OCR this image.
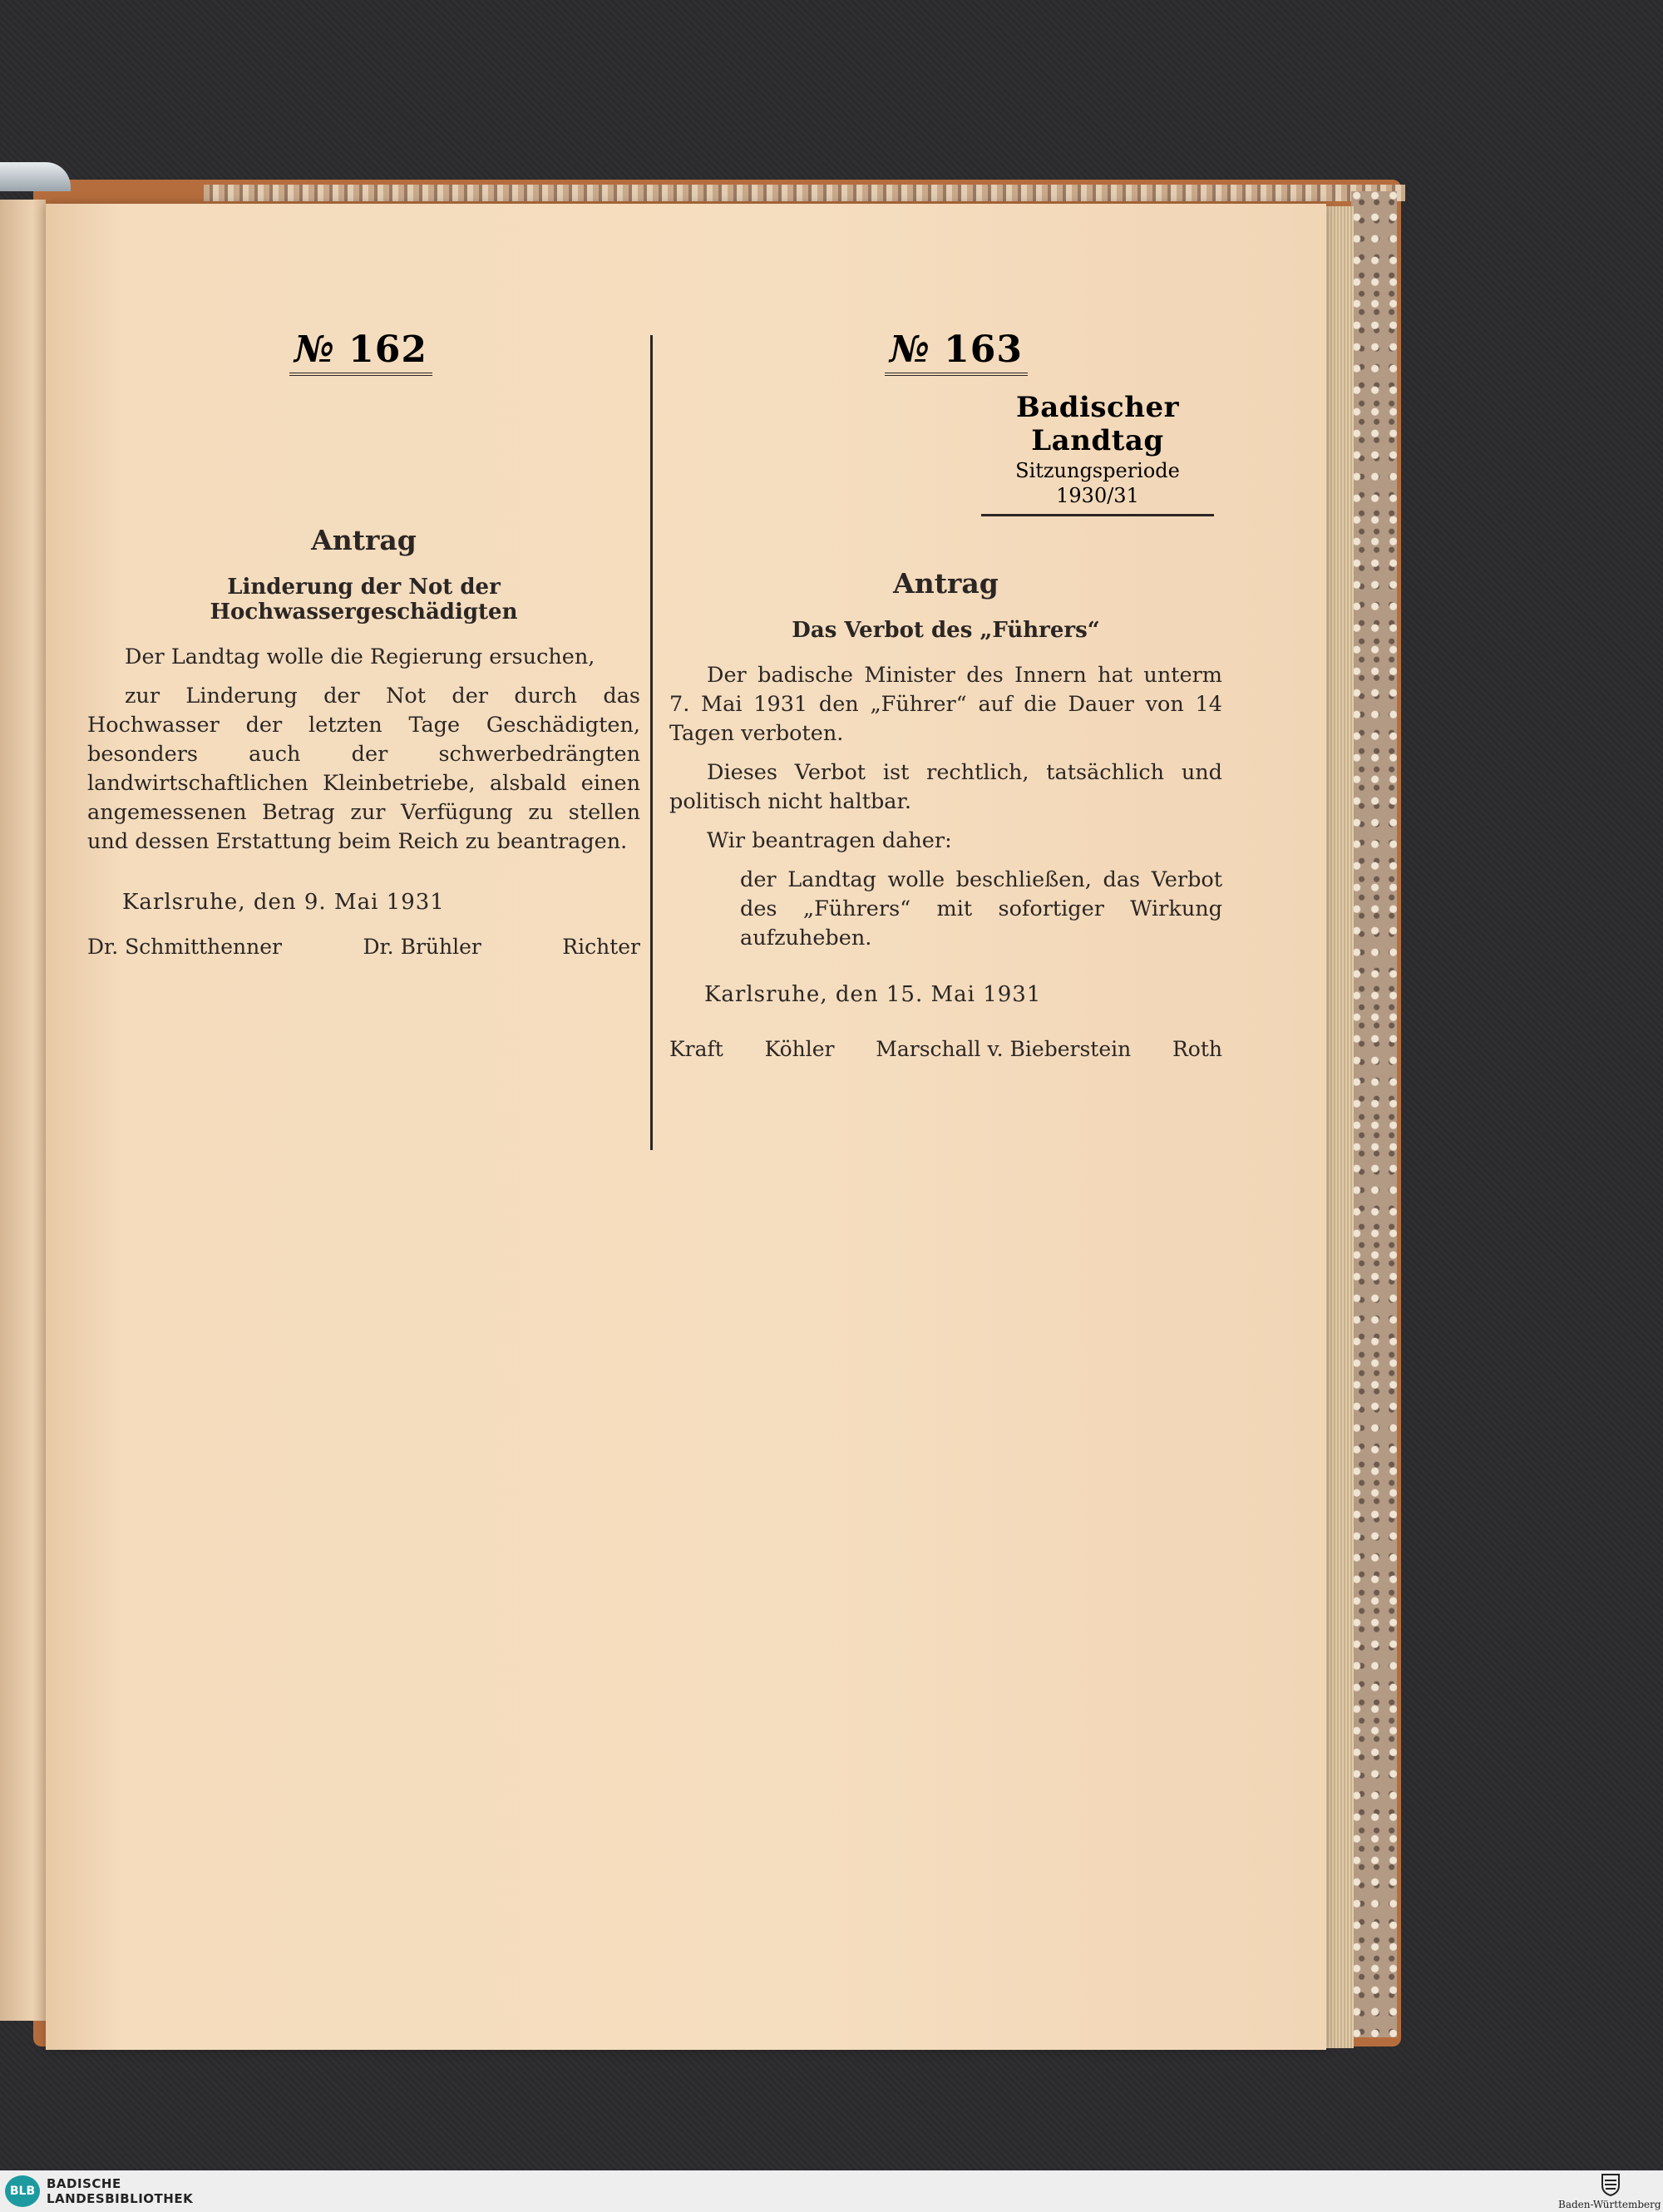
№ 162
Antrag
Linderung der Not der Hochwassergeschädigten
Der Landtag wolle die Regierung ersuchen,
zur Linderung der Not der durch das Hochwasser der letzten Tage Geschädigten, besonders auch der schwerbedrängten landwirtschaftlichen Kleinbetriebe, alsbald einen angemessenen Betrag zur Verfügung zu stellen und dessen Erstattung beim Reich zu beantragen.
Karlsruhe, den 9. Mai 1931
Dr. Schmitthenner	Dr. Brühler	Richter
№ 163
Badischer Landtag
Sitzungsperiode
1930/31
Antrag
Das Verbot des „Führers“
Der badische Minister des Innern hat unterm 7. Mai 1931 den „Führer“ auf die Dauer von 14 Tagen verboten.
Dieses Verbot ist rechtlich, tatsächlich und politisch nicht haltbar.
Wir beantragen daher:
der Landtag wolle beschließen, das Verbot des „Führers“ mit sofortiger Wirkung aufzuheben.
Karlsruhe, den 15. Mai 1931
Kraft Köhler Marschall v. Bieberstein Roth
BLB BADISCHE
LANDESBIBLIOTHEK	Baden-Württemberg
